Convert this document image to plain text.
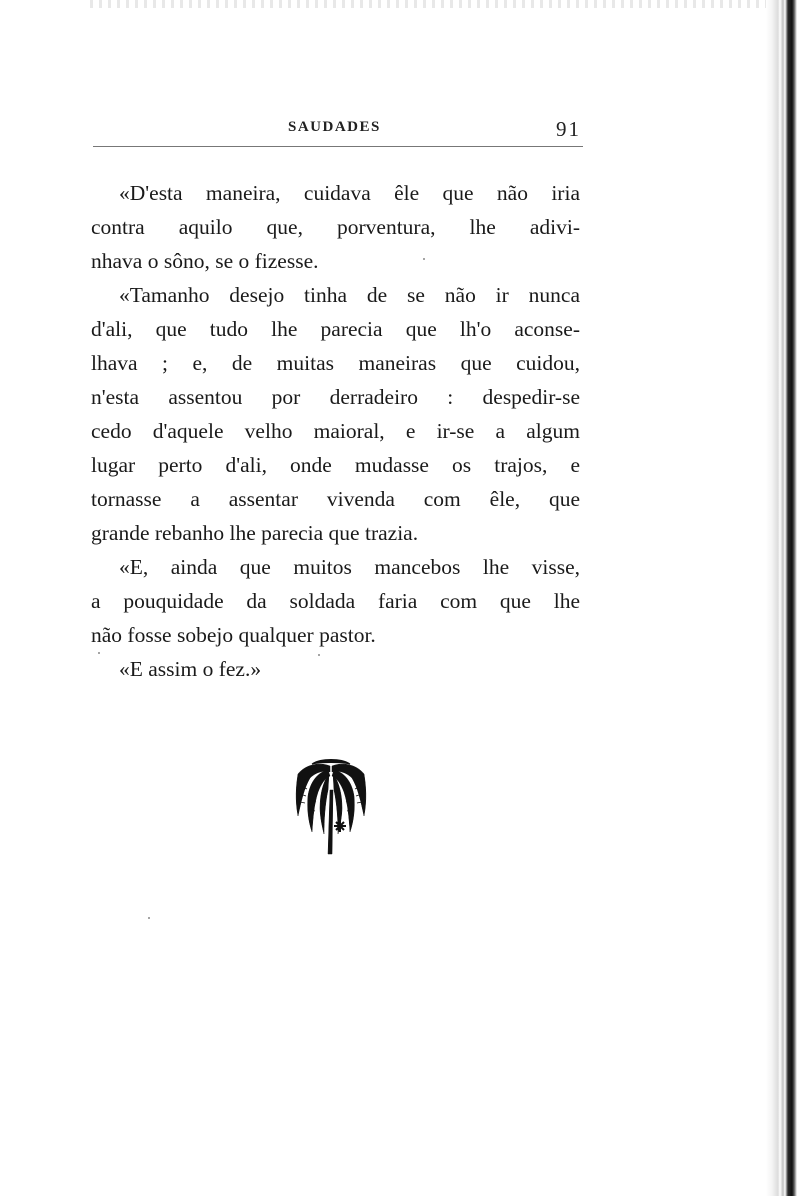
SAUDADES	91
«D'esta maneira, cuidava êle que não iria
contra aquilo que, porventura, lhe adivi-
nhava o sôno, se o fizesse.
«Tamanho desejo tinha de se não ir nunca
d'ali, que tudo lhe parecia que lh'o aconse-
lhava ; e, de muitas maneiras que cuidou,
n'esta assentou por derradeiro : despedir-se
cedo d'aquele velho maioral, e ir-se a algum
lugar perto d'ali, onde mudasse os trajos, e
tornasse a assentar vivenda com êle, que
grande rebanho lhe parecia que trazia.
«E, ainda que muitos mancebos lhe visse,
a pouquidade da soldada faria com que lhe
não fosse sobejo qualquer pastor.
«E assim o fez.»
